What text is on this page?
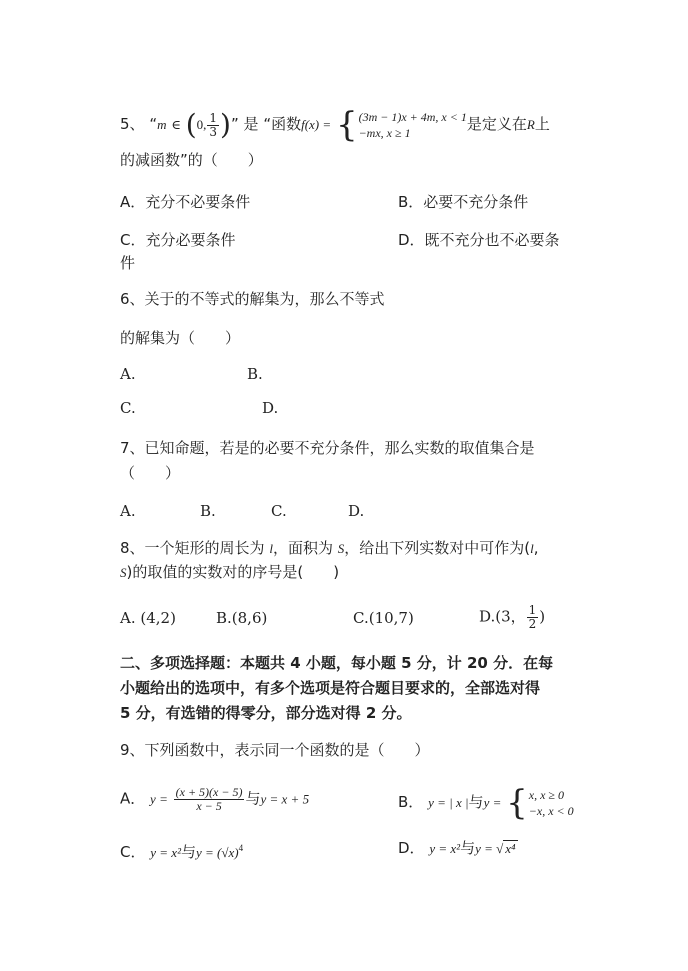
5、 “m ∈ (0, $\frac{1}{3}$ )” 是 “函数f(x) = { (3m − 1)x + 4m, x < 1
−mx, x ≥ 1	是定义在R上
的减函数”的（　　）
A．充分不必要条件	B．必要不充分条件
C．充分必要条件	D．既不充分也不必要条
件
6、关于的不等式的解集为，那么不等式
的解集为（　　）
A.	B.
C.	D.
7、已知命题，若是的必要不充分条件，那么实数的取值集合是
（　　）
A.	B.	C.	D.
8、一个矩形的周长为 l，面积为 S，给出下列实数对中可作为(l,
S)的取值的实数对的序号是(　　)
A. (4,2)	B.(8,6)	C.(10,7)	D.(3， $\frac{1}{2}$ )
二、多项选择题：本题共 4 小题，每小题 5 分，计 20 分．在每
小题给出的选项中，有多个选项是符合题目要求的，全部选对得
5 分，有选错的得零分，部分选对得 2 分。
9、下列函数中，表示同一个函数的是（　　）
A． $y = \frac{(x + 5)(x - 5)}{x - 5}$ 与y = x + 5	B． y = | x |与y = { x, x ≥ 0
−x, x < 0
C． y = x²与$y = (√x)^4$	D． y = x²与y = √ x⁴
